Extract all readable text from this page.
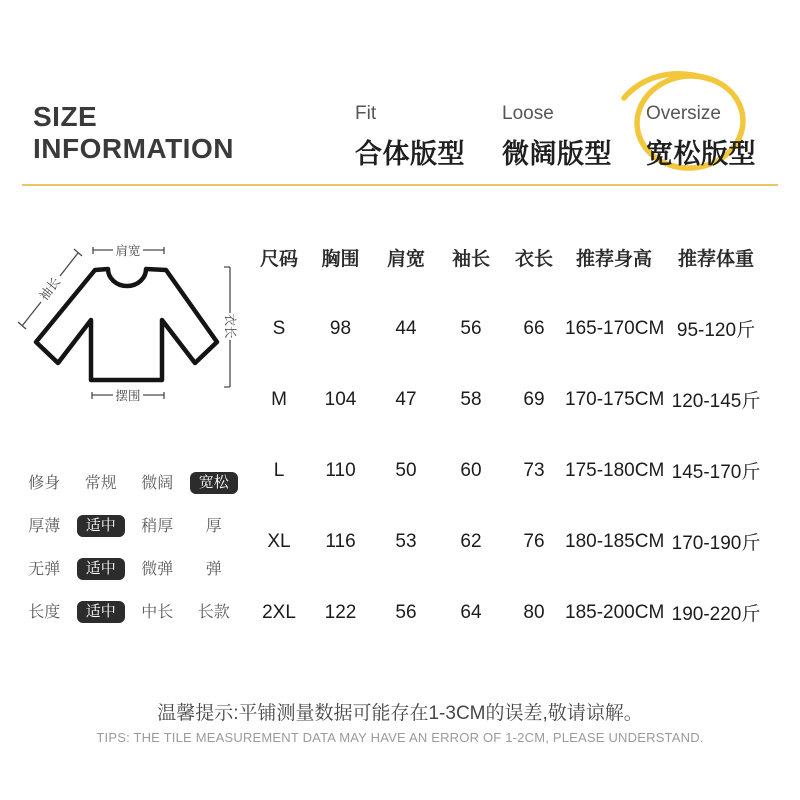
SIZE
INFORMATION
Fit
合体版型
Loose
微阔版型
Oversize
宽松版型
肩宽
袖长
衣长
摆围
修身 常规 微阔	宽松
厚薄	适中	稍厚 厚
无弹	适中	微弹 弹
长度	适中	中长 长款
尺码	胸围	肩宽	袖长	衣长	推荐身高	推荐体重
S	98	44	56	66	165-170CM 95-120斤
M	104	47	58	69	170-175CM 120-145斤
L	110	50	60	73	175-180CM 145-170斤
XL	116	53	62	76	180-185CM 170-190斤
2XL	122	56	64	80	185-200CM 190-220斤
温馨提示:平铺测量数据可能存在1-3CM的误差,敬请谅解。
TIPS: THE TILE MEASUREMENT DATA MAY HAVE AN ERROR OF 1-2CM, PLEASE UNDERSTAND.
